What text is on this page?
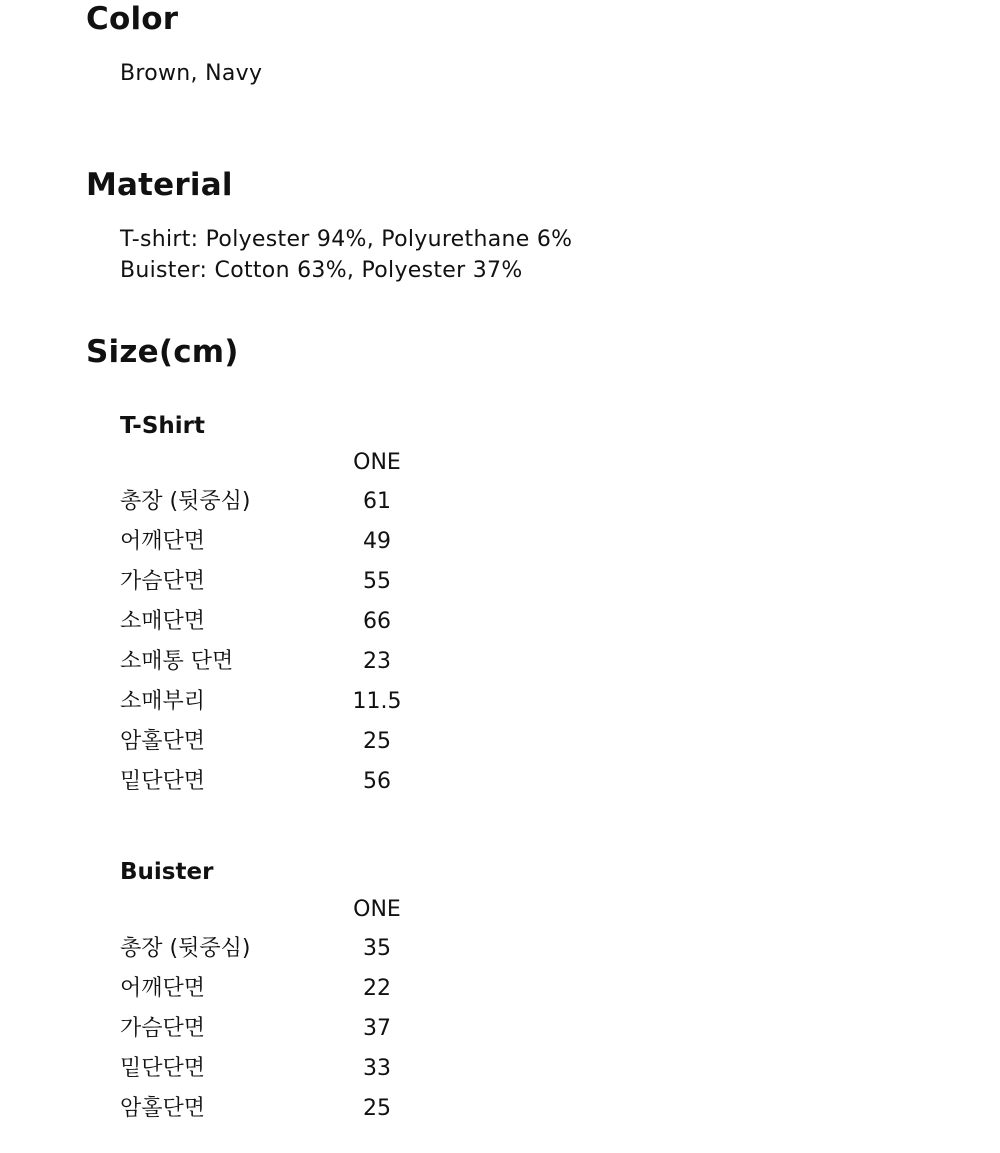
Color
Brown, Navy
Material
T-shirt: Polyester 94%, Polyurethane 6%
Buister: Cotton 63%, Polyester 37%
Size(cm)
T-Shirt
ONE
총장 (뒷중심)	61
어깨단면	49
가슴단면	55
소매단면	66
소매통 단면	23
소매부리	11.5
암홀단면	25
밑단단면	56
Buister
ONE
총장 (뒷중심)	35
어깨단면	22
가슴단면	37
밑단단면	33
암홀단면	25
